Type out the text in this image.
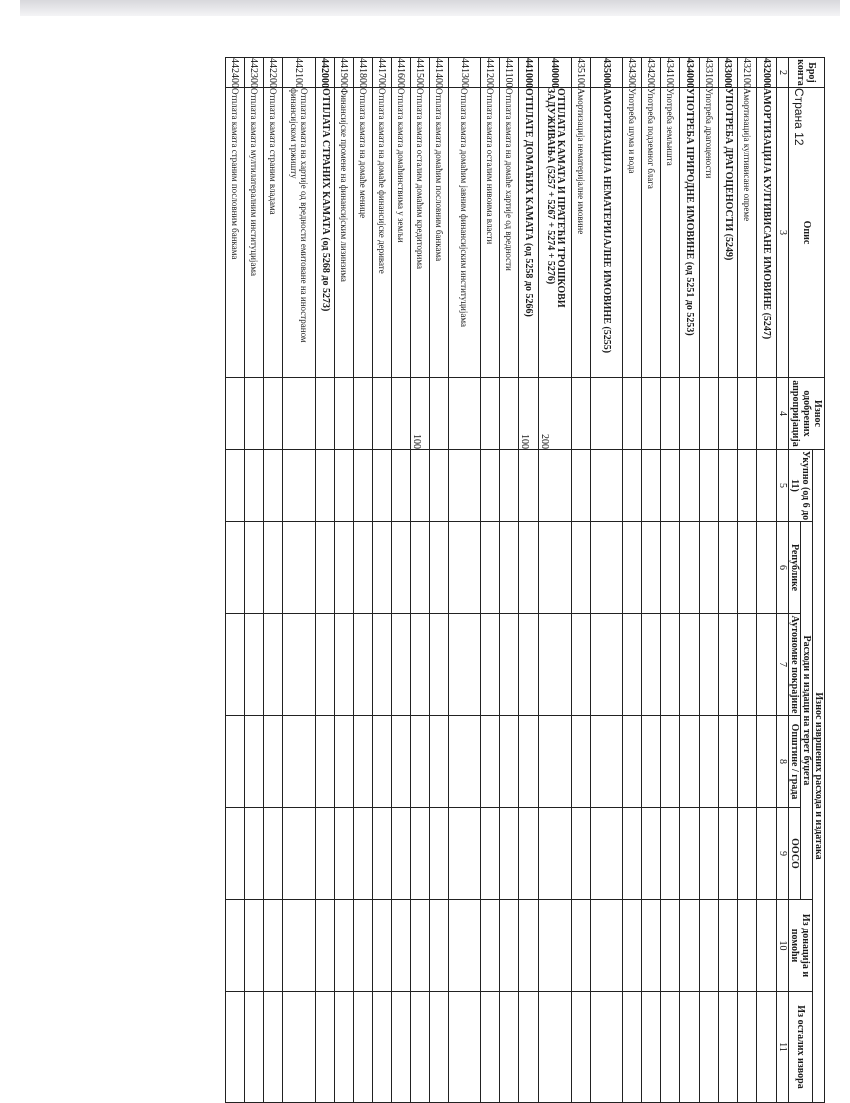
Страна 12
Број конта	Опис	Износ одобрених апропријација	Износ извршених расхода и издатака						
			Укупно (од 6 до 11)	Расходи и издаци на терет буџета				Из донација и помоћи	Из осталих извора
				Републике	Аутономне покрајине	Општине / града	ООСО		
2	3	4	5	6	7	8	9	10	11
432000	АМОРТИЗАЦИЈА КУЛТИВИСАНЕ ИМОВИНЕ (5247)								
432100	Амортизација култивисане опреме								
433000	УПОТРЕБА ДРАГОЦЕНОСТИ (5249)								
433100	Употреба драгоцености								
434000	УПОТРЕБА ПРИРОДНЕ ИМОВИНЕ (од 5251 до 5253)								
434100	Употреба земљишта								
434200	Употреба подземног блага								
434300	Употреба шума и вода								
435000	АМОРТИЗАЦИЈА НЕМАТЕРИЈАЛНЕ ИМОВИНЕ (5255)								
435100	Амортизација нематеријалне имовине								
440000	ОТПЛАТА КАМАТА И ПРАТЕЋИ ТРОШКОВИ ЗАДУЖИВАЊА (5257 + 5267 + 5274 + 5276)	200							
441000	ОТПЛАТЕ ДОМАЋИХ КАМАТА (од 5258 до 5266)	100							
441100	Отплата камата на домаће хартије од вредности								
441200	Отплата камата осталим нивоима власти								
441300	Отплата камата домаћим јавним финансијским институцијама								
441400	Отплата камата домаћим пословним банкама								
441500	Отплата камата осталим домаћим кредиторима	100							
441600	Отплата камата домаћинствима у земљи								
441700	Отплата камата на домаће финансијске деривате								
441800	Отплата камата на домаће менице								
441900	Финансијске промене на финансијским лизинзима								
442000	ОТПЛАТА СТРАНИХ КАМАТА (од 5268 до 5273)								
442100	Отплата камата на хартије од вредности емитоване на иностраном финансијском тржишту								
442200	Отплата камата страним владама								
442300	Отплата камата мултилатералним институцијама								
442400	Отплата камата страним пословним банкама								
